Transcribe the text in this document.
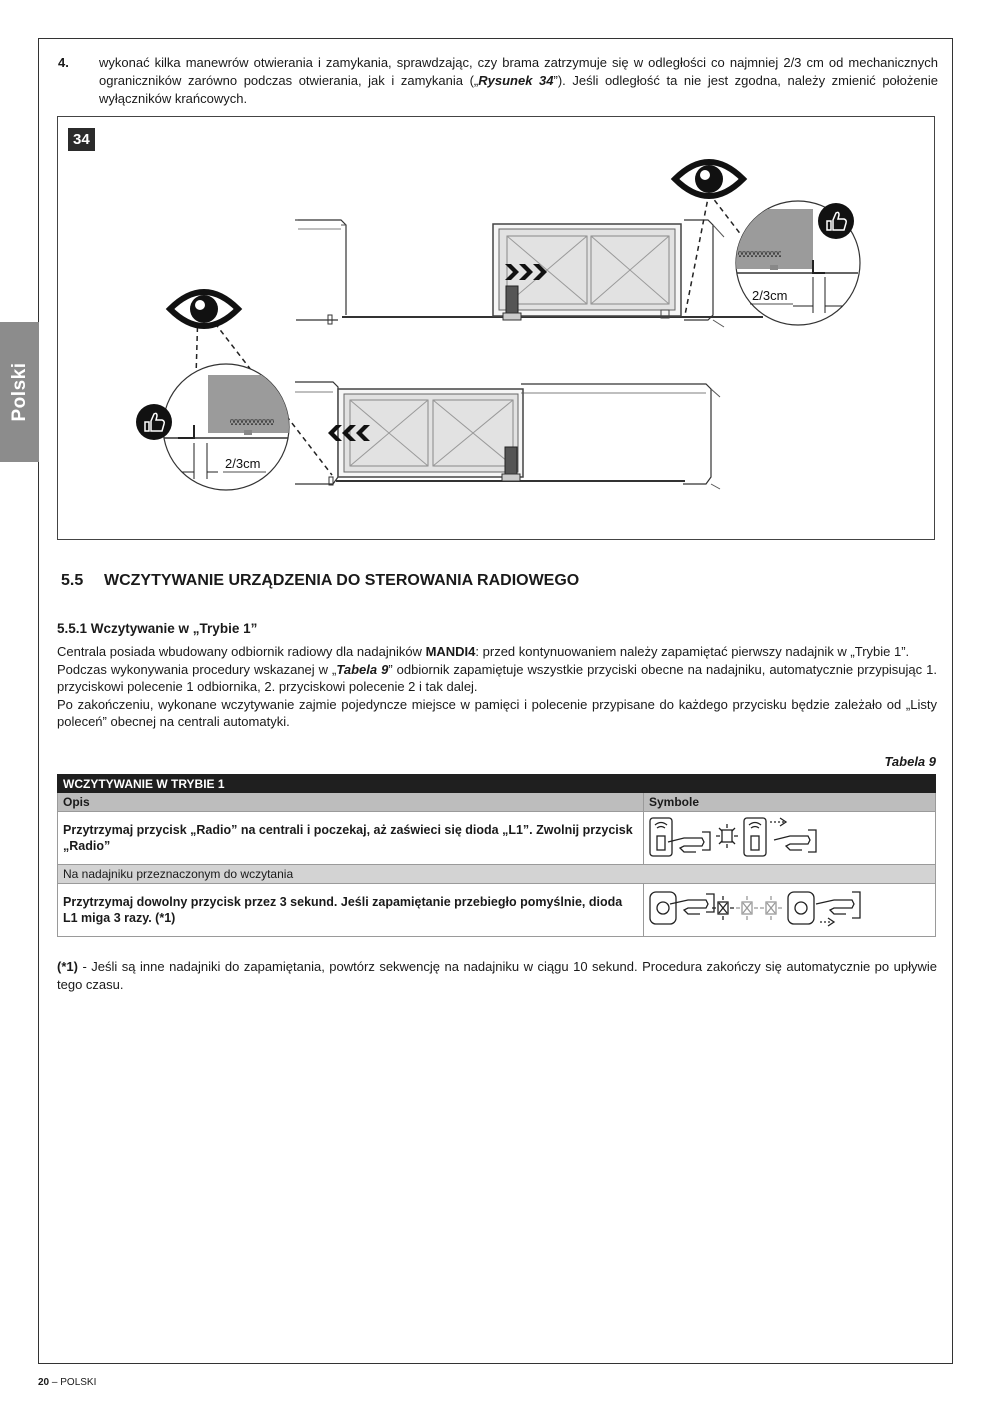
Polski
4. wykonać kilka manewrów otwierania i zamykania, sprawdzając, czy brama zatrzymuje się w odległości co najmniej 2/3 cm od mechanicznych ograniczników zarówno podczas otwierania, jak i zamykania („Rysunek 34”). Jeśli odległość ta nie jest zgodna, należy zmienić położenie wyłączników krańcowych.
2/3cm
2/3cm
34
5.5 WCZYTYWANIE URZĄDZENIA DO STEROWANIA RADIOWEGO
5.5.1 Wczytywanie w „Trybie 1”

Centrala posiada wbudowany odbiornik radiowy dla nadajników MANDI4: przed kontynuowaniem należy zapamiętać pierwszy nadajnik w „Trybie 1”.

Podczas wykonywania procedury wskazanej w „Tabela 9” odbiornik zapamiętuje wszystkie przyciski obecne na nadajniku, automatycznie przypisując 1. przyciskowi polecenie 1 odbiornika, 2. przyciskowi polecenie 2 i tak dalej.

Po zakończeniu, wykonane wczytywanie zajmie pojedyncze miejsce w pamięci i polecenie przypisane do każdego przycisku będzie zależało od „Listy poleceń” obecnej na centrali automatyki.

Tabela 9
WCZYTYWANIE W TRYBIE 1	
Opis	Symbole
Przytrzymaj przycisk „Radio” na centrali i poczekaj, aż zaświeci się dioda „L1”. Zwolnij przycisk „Radio”	
Na nadajniku przeznaczonym do wczytania	
Przytrzymaj dowolny przycisk przez 3 sekund. Jeśli zapamiętanie przebiegło pomyślnie, dioda L1 miga 3 razy. (*1)	
(*1) - Jeśli są inne nadajniki do zapamiętania, powtórz sekwencję na nadajniku w ciągu 10 sekund. Procedura zakończy się automatycznie po upływie tego czasu.
20 – POLSKI
